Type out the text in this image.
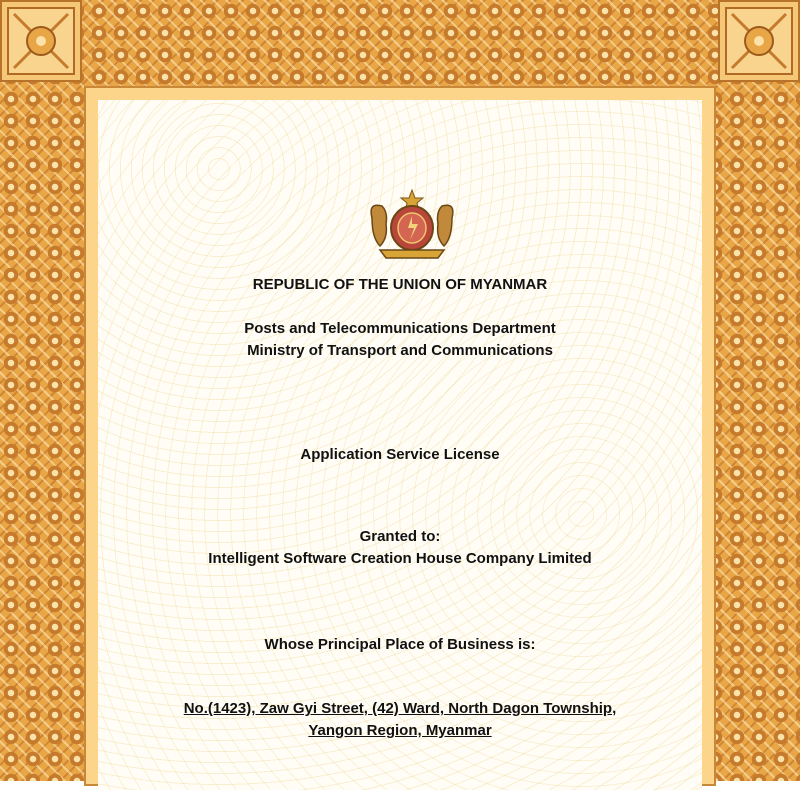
REPUBLIC OF THE UNION OF MYANMAR

Posts and Telecommunications Department

Ministry of Transport and Communications

Application Service License

Granted to:

Intelligent Software Creation House Company Limited

Whose Principal Place of Business is:

No.(1423), Zaw Gyi Street, (42) Ward, North Dagon Township,

Yangon Region, Myanmar
